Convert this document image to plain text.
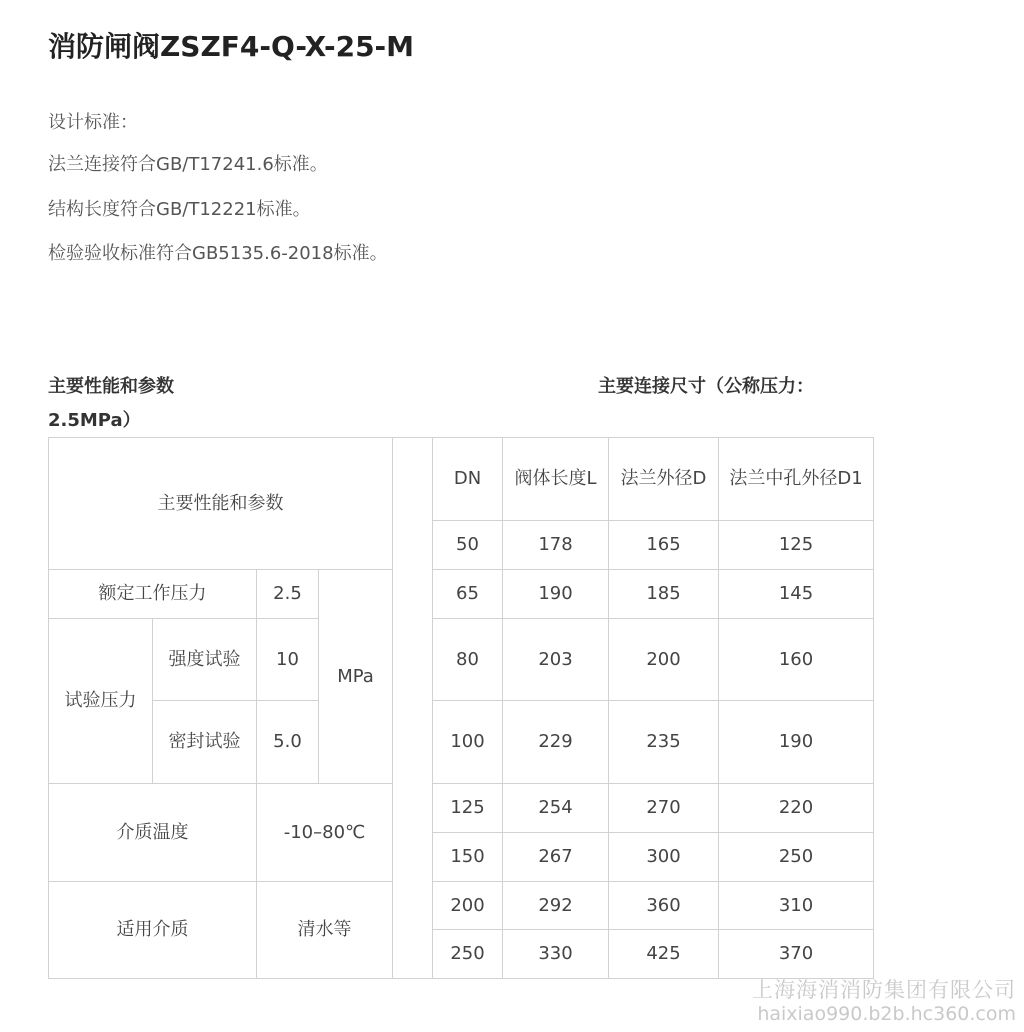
消防闸阀ZSZF4-Q-X-25-M

设计标准：

法兰连接符合GB/T17241.6标准。

结构长度符合GB/T12221标准。

检验验收标准符合GB5135.6-2018标准。

主要性能和参数	主要连接尺寸（公称压力：
2.5MPa）
主要性能和参数					DN	阀体长度L	法兰外径D	法兰中孔外径D1
					50	178	165	125
额定工作压力		2.5	MPa		65	190	185	145
试验压力	强度试验	10			80	203	200	160
	密封试验	5.0			100	229	235	190
介质温度		-10–80℃			125	254	270	220
					150	267	300	250
适用介质		清水等			200	292	360	310
					250	330	425	370
上海海消消防集团有限公司
haixiao990.b2b.hc360.com
